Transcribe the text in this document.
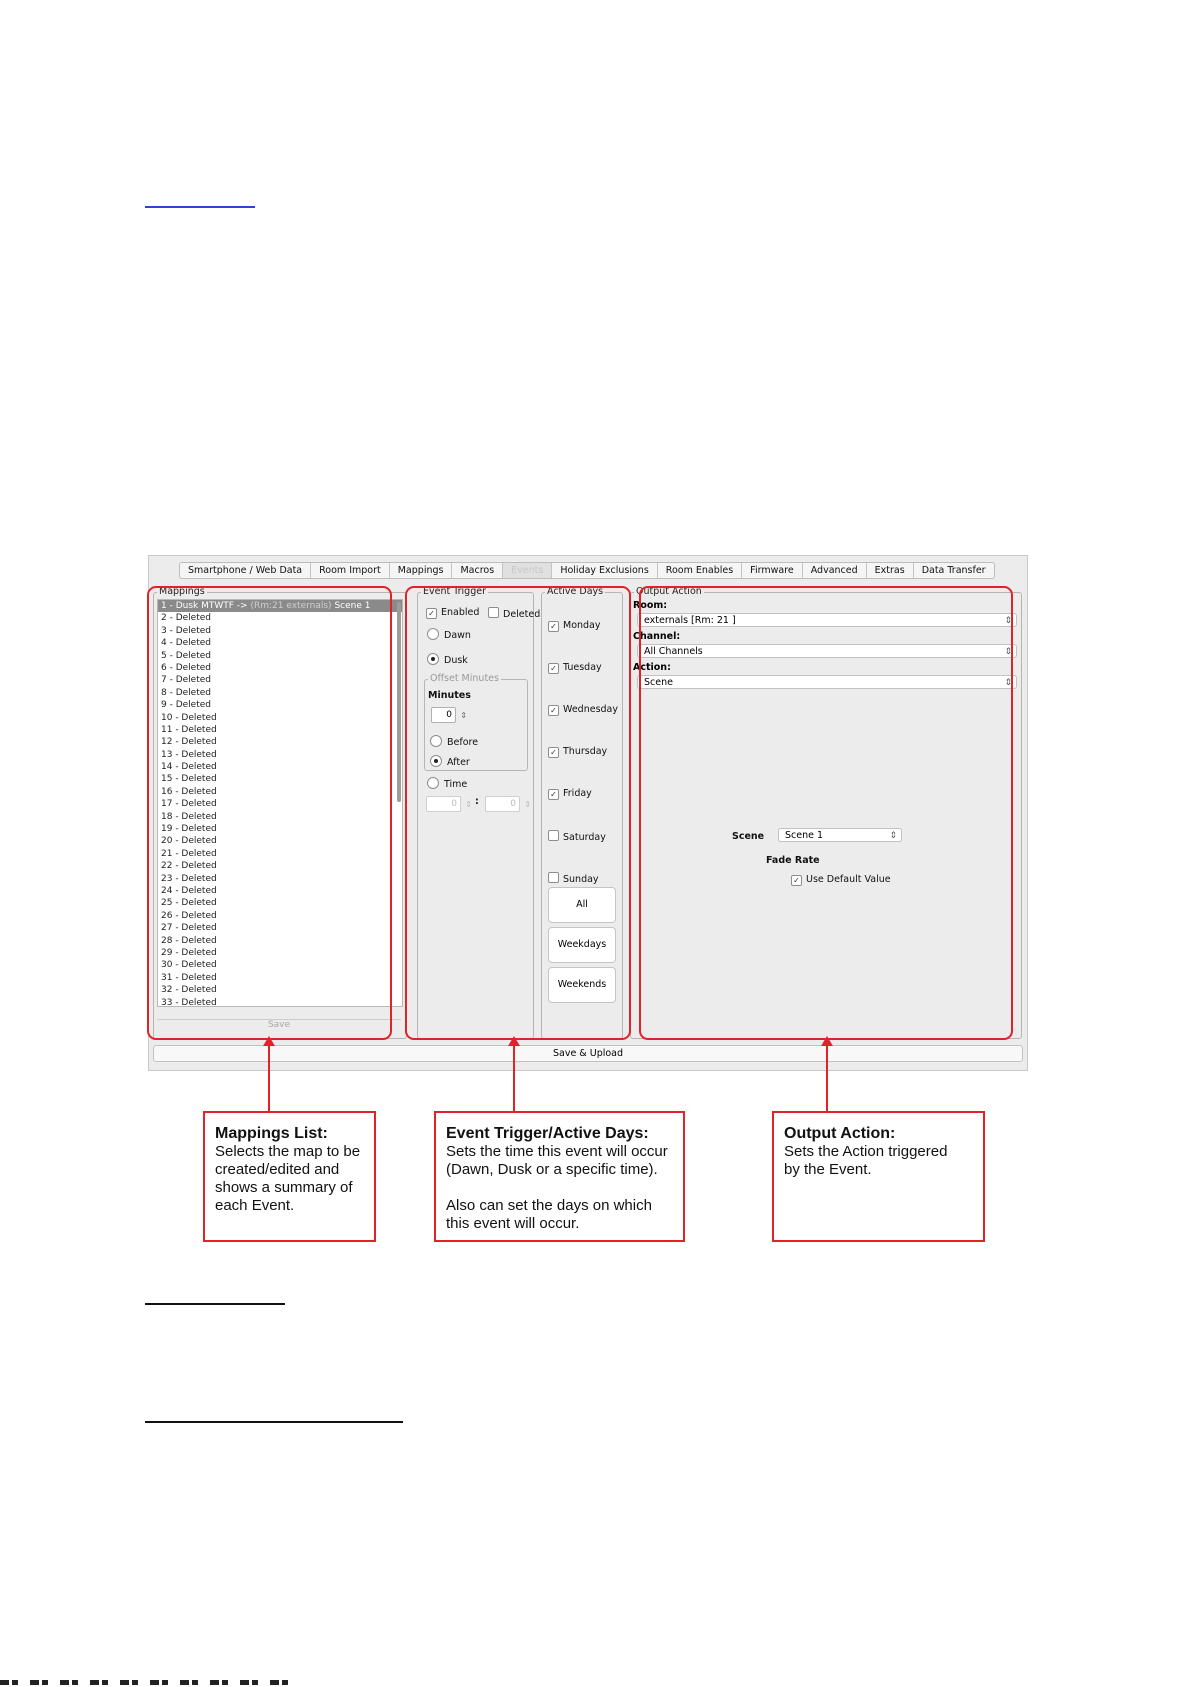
Smartphone / Web Data	Room Import	Mappings	Macros	Events	Holiday Exclusions	Room Enables	Firmware	Advanced	Extras	Data Transfer
Mappings
1 - Dusk MTWTF -> (Rm:21 externals) Scene 1
2 - Deleted
3 - Deleted
4 - Deleted
5 - Deleted
6 - Deleted
7 - Deleted
8 - Deleted
9 - Deleted
10 - Deleted
11 - Deleted
12 - Deleted
13 - Deleted
14 - Deleted
15 - Deleted
16 - Deleted
17 - Deleted
18 - Deleted
19 - Deleted
20 - Deleted
21 - Deleted
22 - Deleted
23 - Deleted
24 - Deleted
25 - Deleted
26 - Deleted
27 - Deleted
28 - Deleted
29 - Deleted
30 - Deleted
31 - Deleted
32 - Deleted
33 - Deleted
Save
Event Trigger
✓ Enabled	Deleted
Dawn
Dusk
Offset Minutes
Minutes
0 ⇕
Before
After
Time
0 ⇕ :	0 ⇕
Active Days
✓ Monday
✓ Tuesday
✓ Wednesday
✓ Thursday
✓ Friday
Saturday
Sunday
All
Weekdays
Weekends
Output Action
Room:
externals [Rm: 21 ]	⇕
Channel:
All Channels	⇕
Action:
Scene	⇕
Scene	Scene 1	⇕
Fade Rate
✓ Use Default Value
Save & Upload
Mappings List:
Selects the map to be
created/edited and
shows a summary of
each Event.
Event Trigger/Active Days:
Sets the time this event will occur
(Dawn, Dusk or a specific time).

Also can set the days on which
this event will occur.
Output Action:
Sets the Action triggered
by the Event.
